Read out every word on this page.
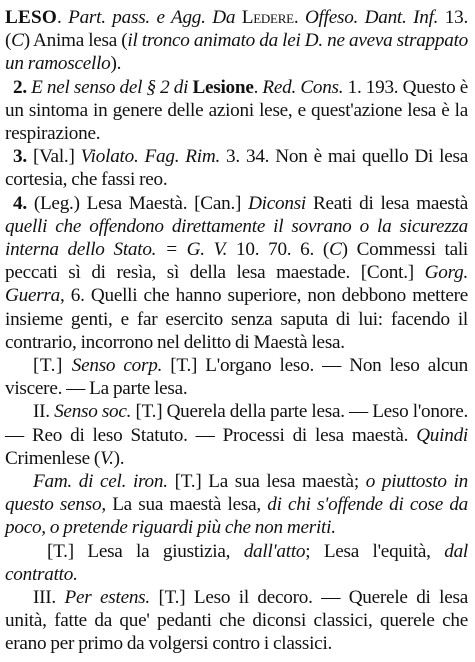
LESO. Part. pass. e Agg. Da Ledere. Offeso. Dant. Inf. 13. (C) Anima lesa (il tronco animato da lei D. ne aveva strappato un ramoscello).

2. E nel senso del § 2 di Lesione. Red. Cons. 1. 193. Questo è un sintoma in genere delle azioni lese, e quest'azione lesa è la respirazione.

3. [Val.] Violato. Fag. Rim. 3. 34. Non è mai quello Di lesa cortesia, che fassi reo.

4. (Leg.) Lesa Maestà. [Can.] Diconsi Reati di lesa maestà quelli che offendono direttamente il sovrano o la sicurezza interna dello Stato. = G. V. 10. 70. 6. (C) Commessi tali peccati sì di resìa, sì della lesa maestade. [Cont.] Gorg. Guerra, 6. Quelli che hanno superiore, non debbono mettere insieme genti, e far esercito senza saputa di lui: facendo il contrario, incorrono nel delitto di Maestà lesa.

[T.] Senso corp. [T.] L'organo leso. — Non leso alcun viscere. — La parte lesa.

II. Senso soc. [T.] Querela della parte lesa. — Leso l'onore. — Reo di leso Statuto. — Processi di lesa maestà. Quindi Crimenlese (V.).

Fam. di cel. iron. [T.] La sua lesa maestà; o piuttosto in questo senso, La sua maestà lesa, di chi s'offende di cose da poco, o pretende riguardi più che non meriti.

[T.] Lesa la giustizia, dall'atto; Lesa l'equità, dal contratto.

III. Per estens. [T.] Leso il decoro. — Querele di lesa unità, fatte da que' pedanti che diconsi classici, querele che erano per primo da volgersi contro i classici.
